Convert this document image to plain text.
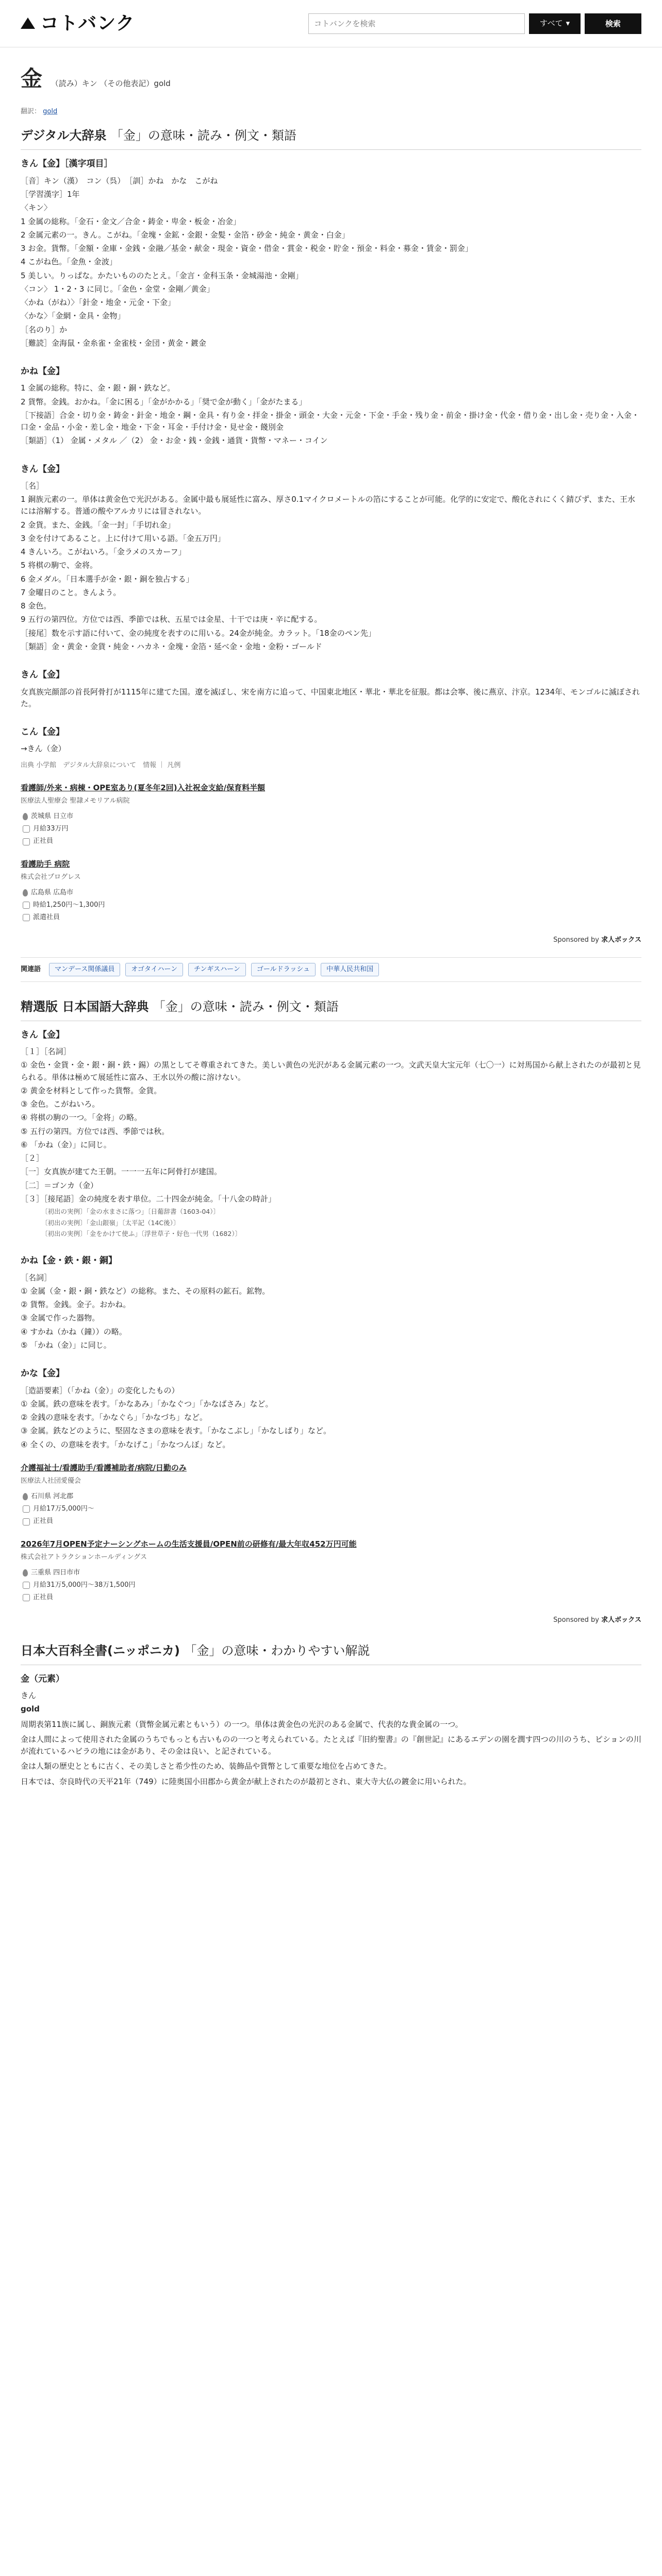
コトバンク
コトバンクを検索	すべて ▾	検索
金 （読み）キン （その他表記）gold
翻訳： gold
デジタル大辞泉 「金」の意味・読み・例文・類語
きん【金】［漢字項目］
［音］キン（漢）　コン（呉）　［訓］かね　かな　こがね
［学習漢字］1年
〈キン〉
1 金属の総称。「金石・金文／合金・鋳金・卑金・板金・冶金」
2 金属元素の一。きん。こがね。「金塊・金鉱・金銀・金髪・金箔・砂金・純金・黄金・白金」
3 お金。貨幣。「金額・金庫・金銭・金融／基金・献金・現金・資金・借金・賞金・税金・貯金・預金・料金・募金・賃金・罰金」
4 こがね色。「金魚・金波」
5 美しい。りっぱな。かたいもののたとえ。「金言・金科玉条・金城湯池・金剛」
〈コン〉 1・2・3 に同じ。「金色・金堂・金剛／黄金」
〈かね（がね）〉「針金・地金・元金・下金」
〈かな〉「金網・金具・金物」
［名のり］か
［難読］金海鼠・金糸雀・金雀枝・金団・黄金・鍍金
かね【金】
1 金属の総称。特に、金・銀・銅・鉄など。
2 貨幣。金銭。おかね。「金に困る」「金がかかる」「奨で金が動く」「金がたまる」
［下接語］合金・切り金・鋳金・針金・地金・鋼・金具・有り金・拝金・掛金・頭金・大金・元金・下金・手金・残り金・前金・掛け金・代金・借り金・出し金・売り金・入金・口金・金品・小金・差し金・地金・下金・耳金・手付け金・見せ金・餞別金
［類語］（1） 金属・メタル ／（2） 金・お金・銭・金銭・通貨・貨幣・マネー・コイン
きん【金】
［名］
1 銅族元素の一。単体は黄金色で光沢がある。金属中最も展延性に富み、厚さ0.1マイクロメートルの箔にすることが可能。化学的に安定で、酸化されにくく錆びず、また、王水には溶解する。普通の酸やアルカリには冒されない。
2 金貨。また、金銭。「金一封」「手切れ金」
3 金を付けてあること。上に付けて用いる語。「金五万円」
4 きんいろ。こがねいろ。「金ラメのスカーフ」
5 将棋の駒で、金将。
6 金メダル。「日本選手が金・銀・銅を独占する」
7 金曜日のこと。きんよう。
8 金色。
9 五行の第四位。方位では西、季節では秋、五星では金星、十干では庚・辛に配する。
［接尾］数を示す語に付いて、金の純度を表すのに用いる。24金が純金。カラット。「18金のペン先」
［類語］金・黄金・金貨・純金・ハカネ・金塊・金箔・延べ金・金地・金粉・ゴールド
きん【金】
女真族完顔部の首長阿骨打が1115年に建てた国。遼を滅ぼし、宋を南方に追って、中国東北地区・華北・華北を征服。都は会寧、後に燕京、汴京。1234年、モンゴルに滅ぼされた。
こん【金】
→きん（金）
出典 小学館　デジタル大辞泉について　情報 ｜ 凡例
看護師/外来・病棟・OPE室あり(夏冬年2回)入社祝金支給/保育料半額
医療法人聖療会 聖隷メモリアル病院
茨城県 日立市
月給33万円
正社員
看護助手 病院
株式会社プログレス
広島県 広島市
時給1,250円〜1,300円
派遣社員
Sponsored by 求人ボックス
関連語	マンデース関係議員	オゴタイハーン	チンギスハーン	ゴールドラッシュ	中華人民共和国
精選版 日本国語大辞典 「金」の意味・読み・例文・類語
きん【金】
［１］［名詞］
① 金色・金貨・金・銀・銅・鉄・錫）の黒としてそ尊重されてきた。美しい黄色の光沢がある金属元素の一つ。文武天皇大宝元年（七〇一）に対馬国から献上されたのが最初と見られる。単体は極めて展延性に富み、王水以外の酸に溶けない。
② 黄金を材料として作った貨幣。金貨。
③ 金色。こがねいろ。
④ 将棋の駒の一つ。「金将」の略。
⑤ 五行の第四。方位では西、季節では秋。
⑥ 「かね（金）」に同じ。
［２］
［一］女真族が建てた王朝。一一一五年に阿骨打が建国。
［二］＝ゴンカ（金）
［３］［接尾語］金の純度を表す単位。二十四金が純金。「十八金の時計」
〔初出の実例〕「金の水まさに落つ」〔日葡辞書（1603‐04）〕
〔初出の実例〕「金山銀嶺」〔太平記（14C後）〕
〔初出の実例〕「金をかけて使ふ」〔浮世草子・好色一代男（1682）〕
かね【金・鉄・銀・銅】
［名詞］
① 金属（金・銀・銅・鉄など）の総称。また、その原料の鉱石。鉱物。
② 貨幣。金銭。金子。おかね。
③ 金属で作った器物。
④ すかね（かね（鐘））の略。
⑤ 「かね（金）」に同じ。
かな【金】
［造語要素］（「かね（金）」の変化したもの）
① 金属。鉄の意味を表す。「かなあみ」「かなぐつ」「かなばさみ」など。
② 金銭の意味を表す。「かなぐら」「かなづち」など。
③ 金属。鉄などのように、堅固なさまの意味を表す。「かなこぶし」「かなしばり」など。
④ 全くの、の意味を表す。「かなげこ」「かなつんぼ」など。
介護福祉士/看護助手/看護補助者/病院/日勤のみ
医療法人社団愛優会
石川県 河北郡
月給17万5,000円〜
正社員
2026年7月OPEN予定ナーシングホームの生活支援員/OPEN前の研修有/最大年収452万円可能
株式会社アトラクションホールディングス
三重県 四日市市
月給31万5,000円〜38万1,500円
正社員
Sponsored by 求人ボックス
日本大百科全書(ニッポニカ) 「金」の意味・わかりやすい解説
金（元素）
きん
gold
周期表第11族に属し、銅族元素（貨幣金属元素ともいう）の一つ。単体は黄金色の光沢のある金属で、代表的な貴金属の一つ。
金は人間によって使用された金属のうちでもっとも古いものの一つと考えられている。たとえば『旧約聖書』の『創世記』にあるエデンの園を潤す四つの川のうち、ピションの川が流れているハビラの地には金があり、その金は良い、と記されている。
金は人類の歴史とともに古く、その美しさと希少性のため、装飾品や貨幣として重要な地位を占めてきた。
日本では、奈良時代の天平21年（749）に陸奥国小田郡から黄金が献上されたのが最初とされ、東大寺大仏の鍍金に用いられた。
